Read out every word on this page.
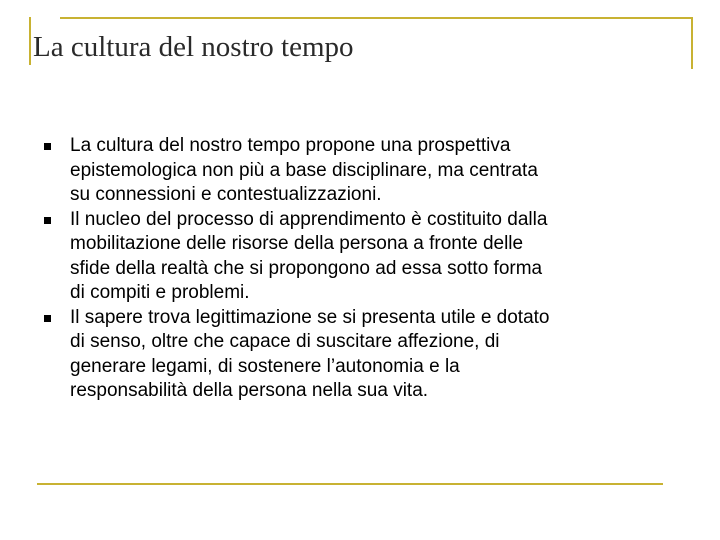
La cultura del nostro tempo
La cultura del nostro tempo propone una prospettiva
epistemologica non più a base disciplinare, ma centrata
su connessioni e contestualizzazioni.
Il nucleo del processo di apprendimento è costituito dalla
mobilitazione delle risorse della persona a fronte delle
sfide della realtà che si propongono ad essa sotto forma
di compiti e problemi.
Il sapere trova legittimazione se si presenta utile e dotato
di senso, oltre che capace di suscitare affezione, di
generare legami, di sostenere l’autonomia e la
responsabilità della persona nella sua vita.
